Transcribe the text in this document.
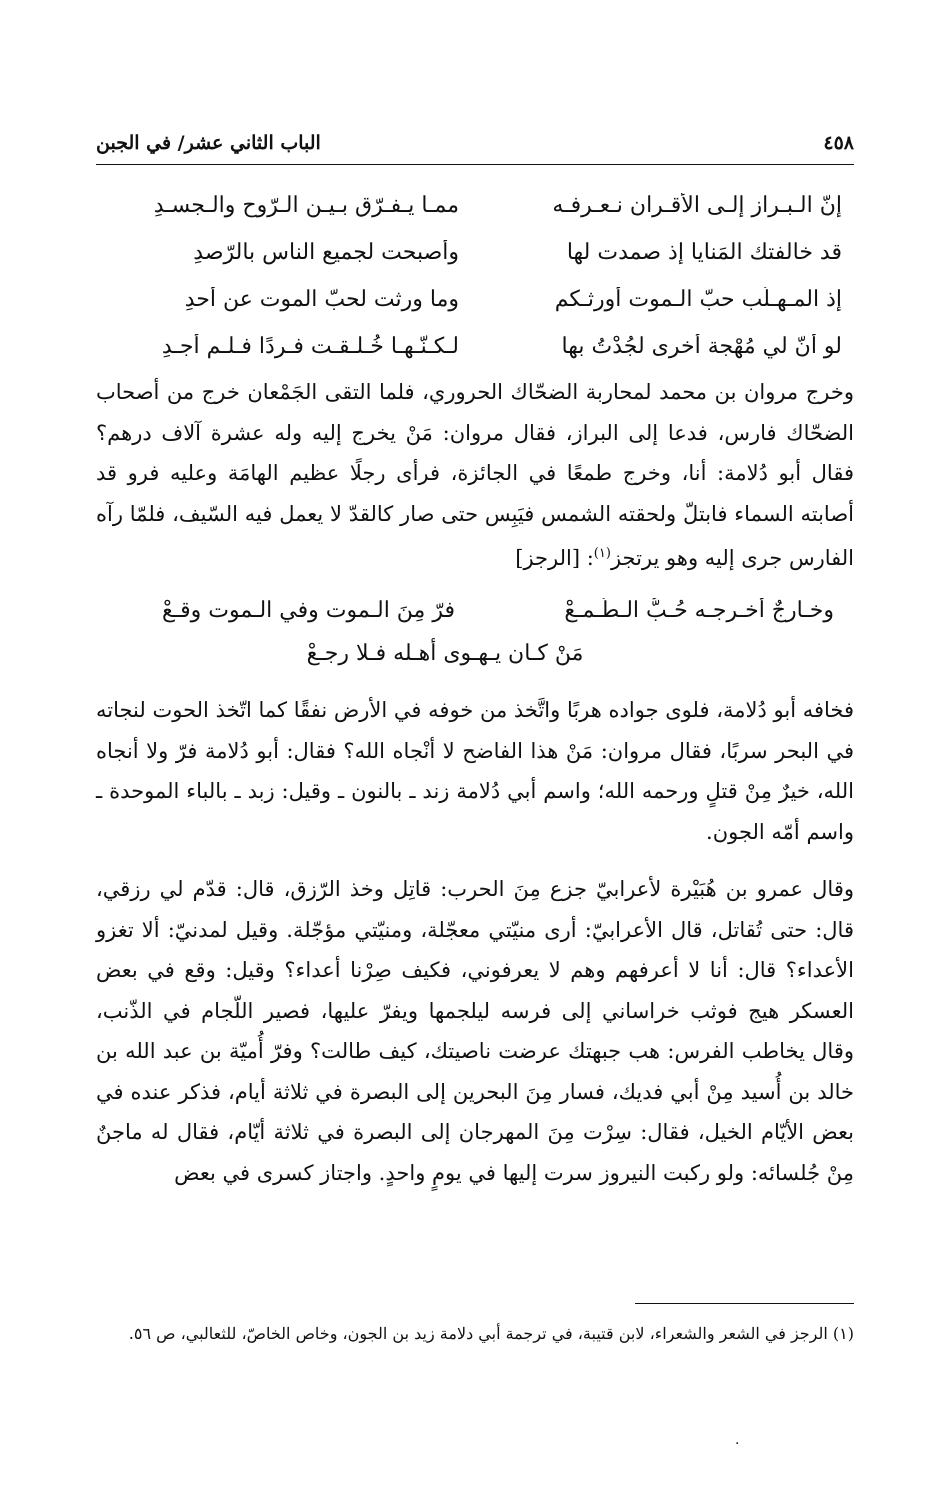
٤٥٨
الباب الثاني عشر/ في الجبن
إنّ الـبـراز إلـى الأقـران نـعـرفـه
ممـا يـفـرّق بـيـن الـرّوح والـجسـدِ
قد خالفتك المَنايا إذ صمدت لها
وأصبحت لجميع الناس بالرّصدِ
إذ المـهـلّب حبّ الـموت أورثـكم
وما ورثت لحبّ الموت عن أحدِ
لو أنّ لي مُهْجة أخرى لجُدْتُ بها
لـكـنّـهـا خُـلـقـت فـردًا فـلـم أجـدِ

وخرج مروان بن محمد لمحاربة الضحّاك الحروري، فلما التقى الجَمْعان خرج من أصحاب الضحّاك فارس، فدعا إلى البراز، فقال مروان: مَنْ يخرج إليه وله عشرة آلاف درهم؟ فقال أبو دُلامة: أنا، وخرج طمعًا في الجائزة، فرأى رجلًا عظيم الهامَة وعليه فرو قد أصابته السماء فابتلّ ولحقته الشمس فيَبِس حتى صار كالقدّ لا يعمل فيه السّيف، فلمّا رآه الفارس جرى إليه وهو يرتجز$^{(١)}$: [الرجز]

وخـارجٌ أخـرجـه حُـبُّ الـطَّـمـعْ
فرّ مِنَ الـموت وفي الـموت وقـعْ
مَنْ كـان يـهـوى أهـله فـلا رجـعْ

فخافه أبو دُلامة، فلوى جواده هربًا واتَّخذ من خوفه في الأرض نفقًا كما اتّخذ الحوت لنجاته في البحر سربًا، فقال مروان: مَنْ هذا الفاضح لا أنْجاه الله؟ فقال: أبو دُلامة فرّ ولا أنجاه الله، خيرٌ مِنْ قتلٍ ورحمه الله؛ واسم أبي دُلامة زند ـ بالنون ـ وقيل: زبد ـ بالباء الموحدة ـ واسم أمّه الجون.

وقال عمرو بن هُبَيْرة لأعرابيّ جزع مِنَ الحرب: قاتِل وخذ الرّزق، قال: قدّم لي رزقي، قال: حتى تُقاتل، قال الأعرابيّ: أرى منيّتي معجّلة، ومنيّتي مؤجّلة. وقيل لمدنيّ: ألا تغزو الأعداء؟ قال: أنا لا أعرفهم وهم لا يعرفوني، فكيف صِرْنا أعداء؟ وقيل: وقع في بعض العسكر هيج فوثب خراساني إلى فرسه ليلجمها ويفرّ عليها، فصير اللّجام في الذّنب، وقال يخاطب الفرس: هب جبهتك عرضت ناصيتك، كيف طالت؟ وفرّ أُميّة بن عبد الله بن خالد بن أُسيد مِنْ أبي فديك، فسار مِنَ البحرين إلى البصرة في ثلاثة أيام، فذكر عنده في بعض الأيّام الخيل، فقال: سِرْت مِنَ المهرجان إلى البصرة في ثلاثة أيّام، فقال له ماجنٌ مِنْ جُلسائه: ولو ركبت النيروز سرت إليها في يومٍ واحدٍ. واجتاز كسرى في بعض

(١) الرجز في الشعر والشعراء، لابن قتيبة، في ترجمة أبي دلامة زيد بن الجون، وخاص الخاصّ، للثعالبي، ص ٥٦.

.
